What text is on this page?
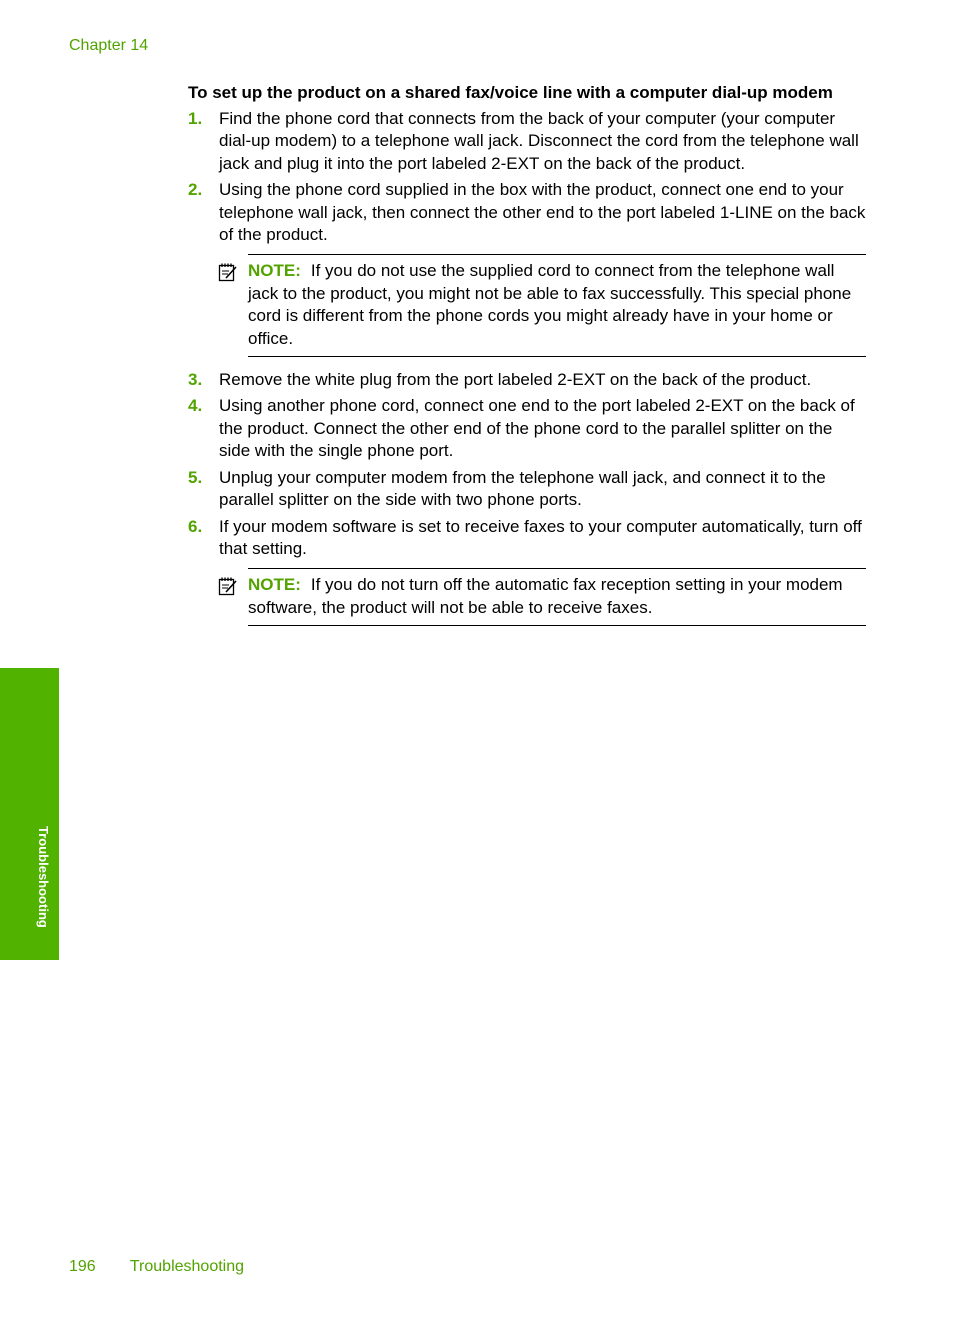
Chapter 14
To set up the product on a shared fax/voice line with a computer dial-up modem
1. Find the phone cord that connects from the back of your computer (your computer dial-up modem) to a telephone wall jack. Disconnect the cord from the telephone wall jack and plug it into the port labeled 2-EXT on the back of the product.
2. Using the phone cord supplied in the box with the product, connect one end to your telephone wall jack, then connect the other end to the port labeled 1-LINE on the back of the product.
NOTE: If you do not use the supplied cord to connect from the telephone wall jack to the product, you might not be able to fax successfully. This special phone cord is different from the phone cords you might already have in your home or office.
3. Remove the white plug from the port labeled 2-EXT on the back of the product.
4. Using another phone cord, connect one end to the port labeled 2-EXT on the back of the product. Connect the other end of the phone cord to the parallel splitter on the side with the single phone port.
5. Unplug your computer modem from the telephone wall jack, and connect it to the parallel splitter on the side with two phone ports.
6. If your modem software is set to receive faxes to your computer automatically, turn off that setting.
NOTE: If you do not turn off the automatic fax reception setting in your modem software, the product will not be able to receive faxes.
Troubleshooting
196 Troubleshooting
